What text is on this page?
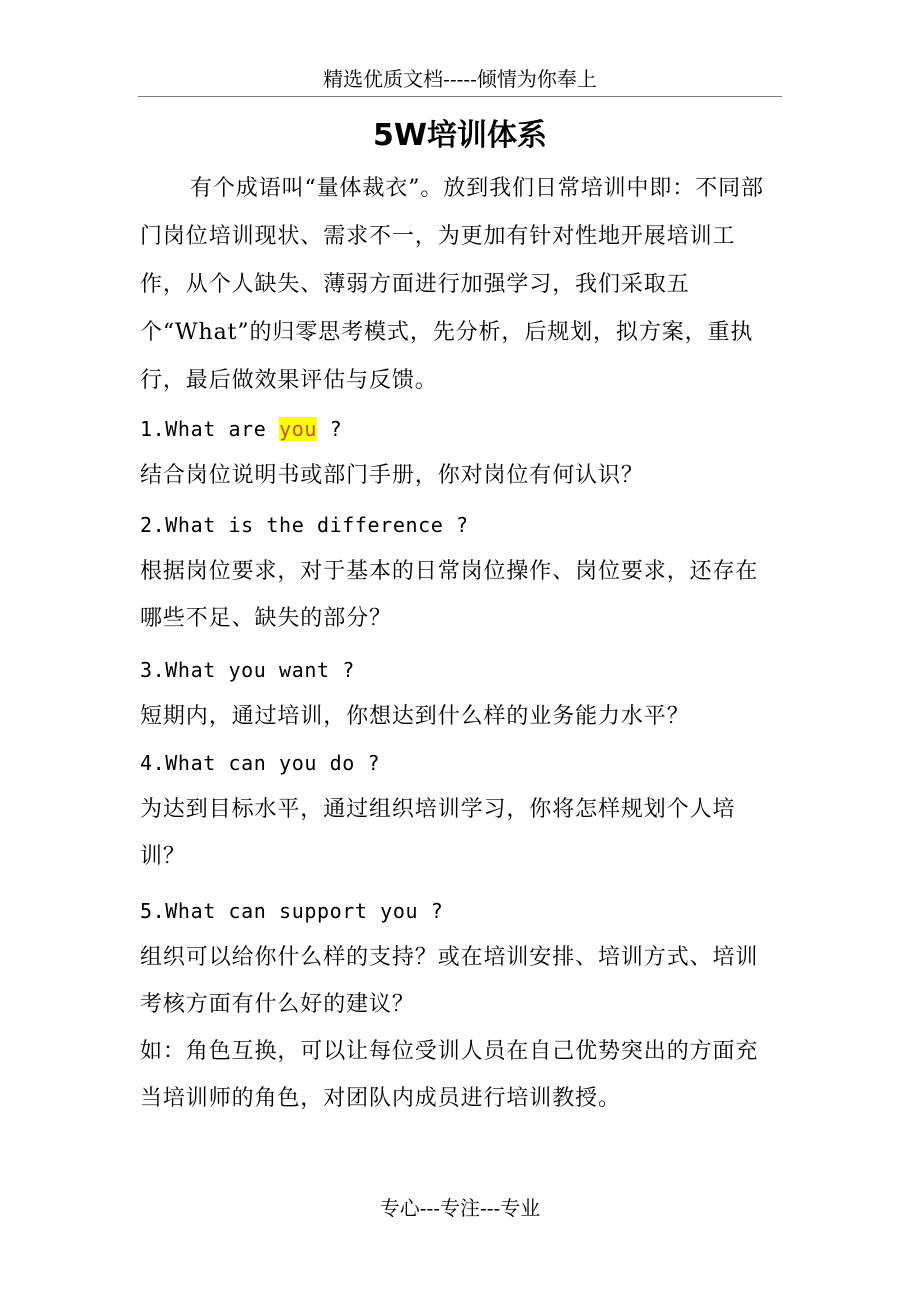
精选优质文档-----倾情为你奉上
5W培训体系
有个成语叫“量体裁衣”。放到我们日常培训中即：不同部门岗位培训现状、需求不一，为更加有针对性地开展培训工作，从个人缺失、薄弱方面进行加强学习，我们采取五个“What”的归零思考模式，先分析，后规划，拟方案，重执行，最后做效果评估与反馈。
1.What are you ?
结合岗位说明书或部门手册，你对岗位有何认识？
2.What is the difference ?
根据岗位要求，对于基本的日常岗位操作、岗位要求，还存在哪些不足、缺失的部分？
3.What you want ?
短期内，通过培训，你想达到什么样的业务能力水平？
4.What can you do ?
为达到目标水平，通过组织培训学习，你将怎样规划个人培训？
5.What can support you ?
组织可以给你什么样的支持？或在培训安排、培训方式、培训考核方面有什么好的建议？
如：角色互换，可以让每位受训人员在自己优势突出的方面充当培训师的角色，对团队内成员进行培训教授。
专心---专注---专业
